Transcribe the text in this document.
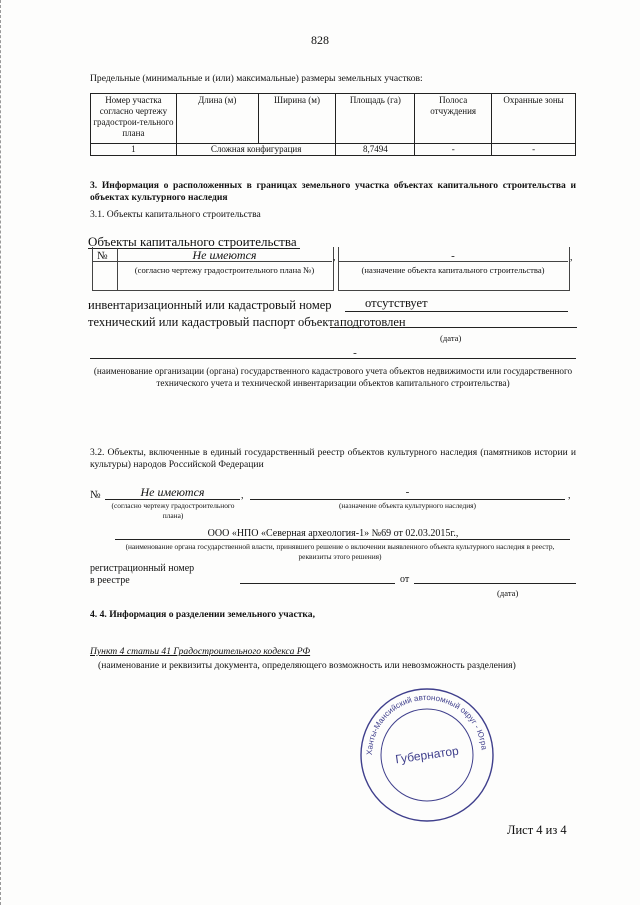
828
Предельные (минимальные и (или) максимальные) размеры земельных участков:
Номер участка согласно чертежу градострои-тельного плана	Длина (м)	Ширина (м)	Площадь (га)	Полоса отчуждения	Охранные зоны
1	Сложная конфигурация		8,7494	-	-
3. Информация о расположенных в границах земельного участка объектах капитального строительства и объектах культурного наследия
3.1. Объекты капитального строительства
Объекты капитального строительства
№	Не имеются
(согласно чертежу градостроительного плана №)
,	-
(назначение объекта капитального строительства)
,
инвентаризационный или кадастровый номер	отсутствует
технический или кадастровый паспорт объекта подготовлен
(дата)
-
(наименование организации (органа) государственного кадастрового учета объектов недвижимости или государственного технического учета и технической инвентаризации объектов капитального строительства)
3.2. Объекты, включенные в единый государственный реестр объектов культурного наследия (памятников истории и культуры) народов Российской Федерации
№	Не имеются	,	-	,
(согласно чертежу градостроительного плана)
(назначение объекта культурного наследия)
ООО «НПО «Северная археология-1» №69 от 02.03.2015г.,
(наименование органа государственной власти, принявшего решение о включении выявленного объекта культурного наследия в реестр, реквизиты этого решения)
регистрационный номер в реестре	от
(дата)
4. 4. Информация о разделении земельного участка,
Пункт 4 статьи 41 Градостроительного кодекса РФ
(наименование и реквизиты документа, определяющего возможность или невозможность разделения)
Ханты-Мансийский автономный округ - Югра
Губернатор
Лист 4 из 4
